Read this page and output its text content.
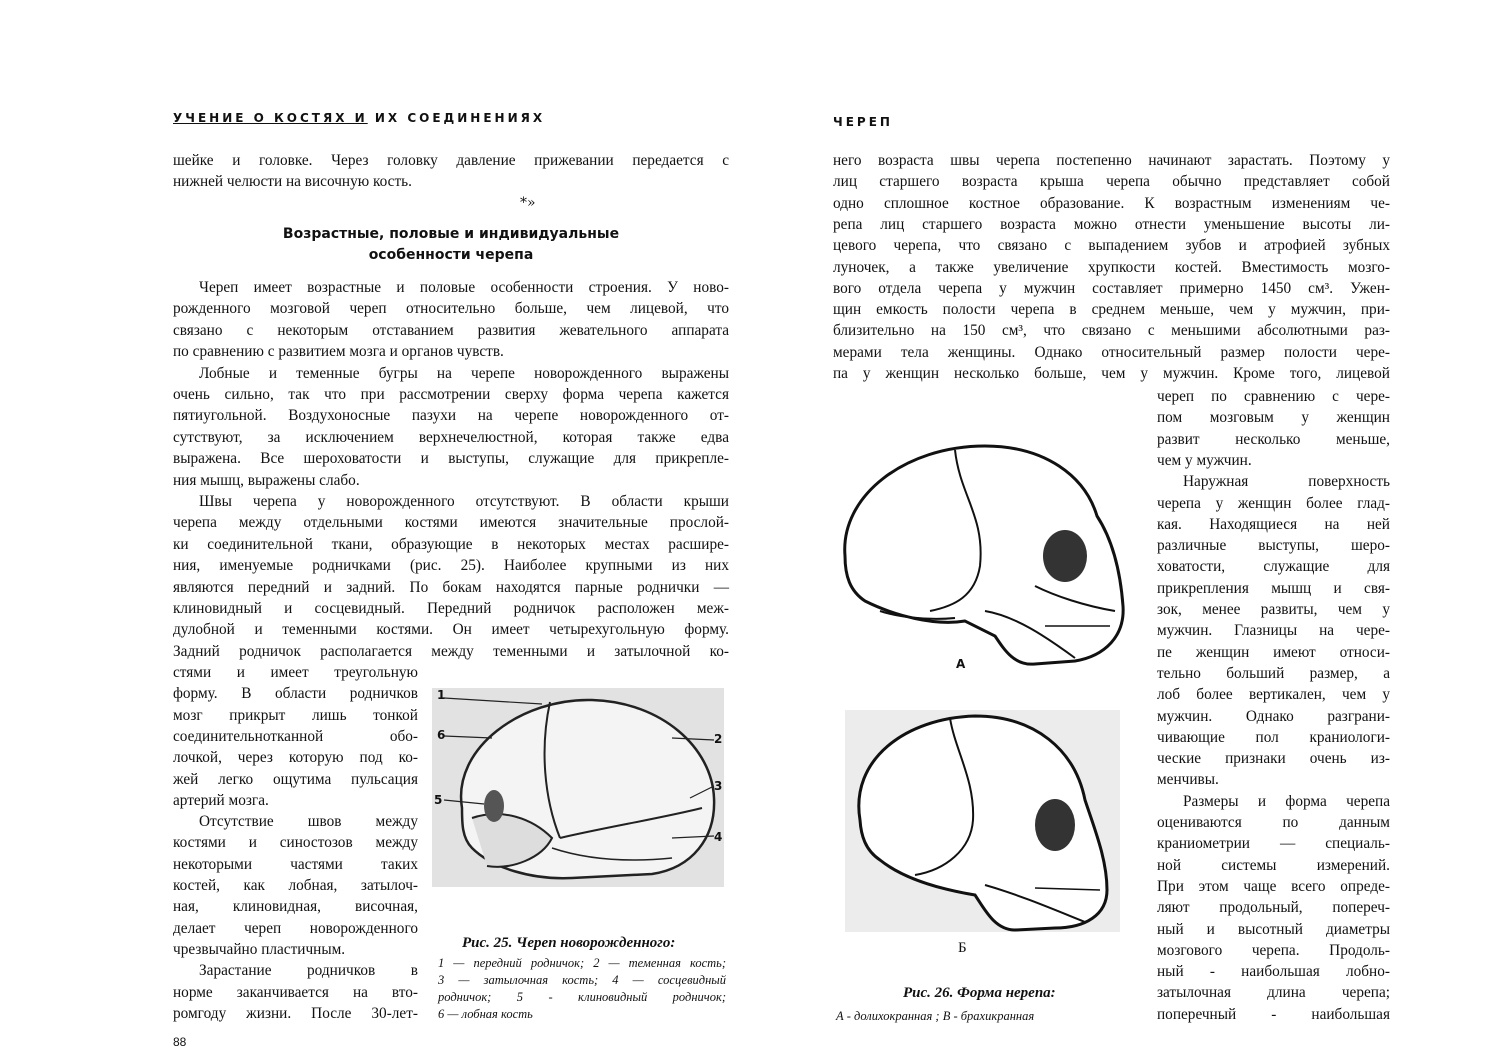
УЧЕНИЕ О КОСТЯХ И ИХ СОЕДИНЕНИЯХ
шейке и головке. Через головку давление прижевании передается с
нижней челюсти на височную кость.
*»
Возрастные, половые и индивидуальные
особенности черепа
Череп имеет возрастные и половые особенности строения. У ново-
рожденного мозговой череп относительно больше, чем лицевой, что
связано с некоторым отставанием развития жевательного аппарата
по сравнению с развитием мозга и органов чувств.
Лобные и теменные бугры на черепе новорожденного выражены
очень сильно, так что при рассмотрении сверху форма черепа кажется
пятиугольной. Воздухоносные пазухи на черепе новорожденного от-
сутствуют, за исключением верхнечелюстной, которая также едва
выражена. Все шероховатости и выступы, служащие для прикрепле-
ния мышц, выражены слабо.
Швы черепа у новорожденного отсутствуют. В области крыши
черепа между отдельными костями имеются значительные прослой-
ки соединительной ткани, образующие в некоторых местах расшире-
ния, именуемые родничками (рис. 25). Наиболее крупными из них
являются передний и задний. По бокам находятся парные роднички —
клиновидный и сосцевидный. Передний родничок расположен меж-
дулобной и теменными костями. Он имеет четырехугольную форму.
Задний родничок располагается между теменными и затылочной ко-
стями и имеет треугольную
форму. В области родничков
мозг прикрыт лишь тонкой
соединительнотканной обо-
лочкой, через которую под ко-
жей легко ощутима пульсация
артерий мозга.
Отсутствие швов между
костями и синостозов между
некоторыми частями таких
костей, как лобная, затылоч-
ная, клиновидная, височная,
делает череп новорожденного
чрезвычайно пластичным.
Зарастание родничков в
норме заканчивается на вто-
ромгоду жизни. После 30-лет-
1
6	2
3
5
4
Рис. 25. Череп новорожденного:
1 — передний родничок; 2 — теменная кость;
3 — затылочная кость; 4 — сосцевидный
родничок; 5 - клиновидный родничок;
6 — лобная кость
88
ЧЕРЕП
него возраста швы черепа постепенно начинают зарастать. Поэтому у
лиц старшего возраста крыша черепа обычно представляет собой
одно сплошное костное образование. К возрастным изменениям че-
репа лиц старшего возраста можно отнести уменьшение высоты ли-
цевого черепа, что связано с выпадением зубов и атрофией зубных
луночек, а также увеличение хрупкости костей. Вместимость мозго-
вого отдела черепа у мужчин составляет примерно 1450 см³. Ужен-
щин емкость полости черепа в среднем меньше, чем у мужчин, при-
близительно на 150 см³, что связано с меньшими абсолютными раз-
мерами тела женщины. Однако относительный размер полости чере-
па у женщин несколько больше, чем у мужчин. Кроме того, лицевой
череп по сравнению с чере-
пом мозговым у женщин
развит несколько меньше,
чем у мужчин.
Наружная поверхность
черепа у женщин более глад-
кая. Находящиеся на ней
различные выступы, шеро-
ховатости, служащие для
прикрепления мышц и свя-
зок, менее развиты, чем у
мужчин. Глазницы на чере-
пе женщин имеют относи-
тельно больший размер, а
лоб более вертикален, чем у
мужчин. Однако разграни-
чивающие пол краниологи-
ческие признаки очень из-
менчивы.
Размеры и форма черепа
оцениваются по данным
краниометрии — специаль-
ной системы измерений.
При этом чаще всего опреде-
ляют продольный, попереч-
ный и высотный диаметры
мозгового черепа. Продоль-
ный - наибольшая лобно-
затылочная длина черепа;
поперечный - наибольшая
А
Б
Рис. 26. Форма нерепа:
А - долихокранная ; В - брахикранная
